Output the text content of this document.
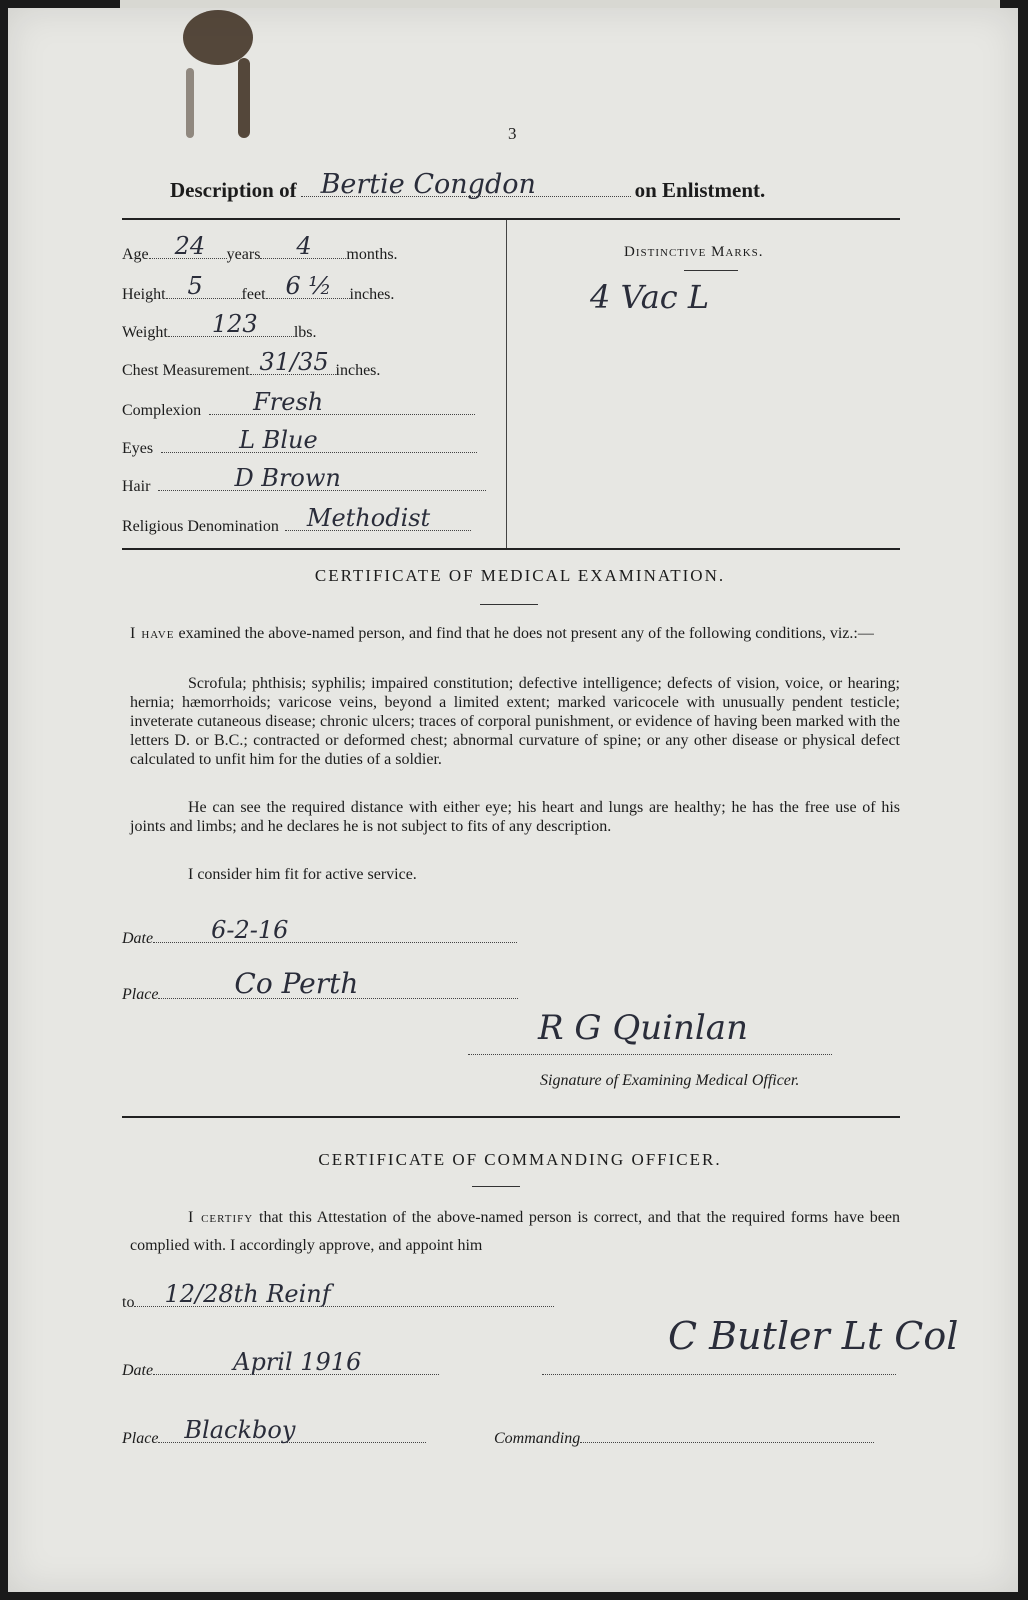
3
Description of Bertie Congdon	on Enlistment.
Age 24 years 4 months.
Height 5 feet 6 ½ inches.
Weight 123 lbs.
Chest Measurement 31/35 inches.
Complexion Fresh
Eyes	L Blue
Hair	D Brown
Religious Denomination Methodist
Distinctive Marks.
4 Vac L
CERTIFICATE OF MEDICAL EXAMINATION.
I have examined the above-named person, and find that he does not present any of the following conditions, viz.:—
Scrofula; phthisis; syphilis; impaired constitution; defective intelligence; defects of vision, voice, or hearing; hernia; hæmorrhoids; varicose veins, beyond a limited extent; marked varicocele with unusually pendent testicle; inveterate cutaneous disease; chronic ulcers; traces of corporal punishment, or evidence of having been marked with the letters D. or B.C.; contracted or deformed chest; abnormal curvature of spine; or any other disease or physical defect calculated to unfit him for the duties of a soldier.
He can see the required distance with either eye; his heart and lungs are healthy; he has the free use of his joints and limbs; and he declares he is not subject to fits of any description.
I consider him fit for active service.
Date 6-2-16
Place	Co Perth
R G Quinlan
Signature of Examining Medical Officer.
CERTIFICATE OF COMMANDING OFFICER.
I certify that this Attestation of the above-named person is correct, and that the required forms have been complied with. I accordingly approve, and appoint him
to 12/28th Reinf
Date	April 1916
C Butler Lt Col
Place Blackboy	Commanding
